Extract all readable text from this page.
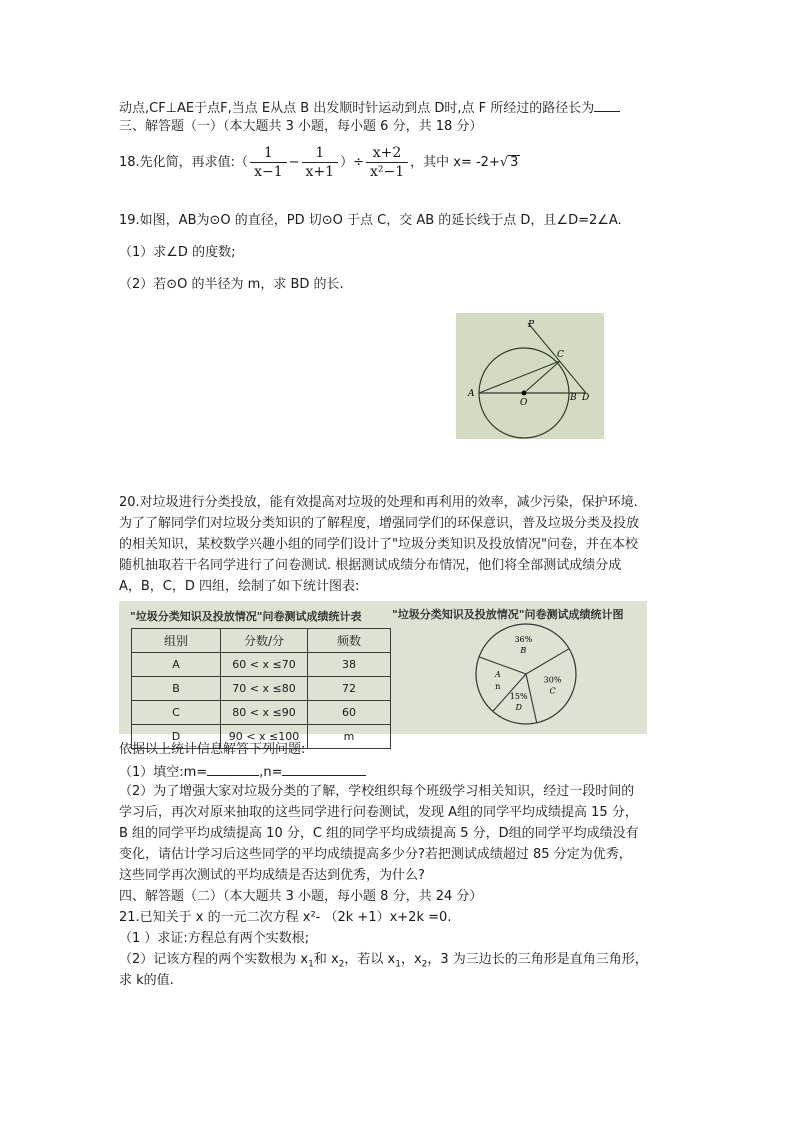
动点,CF⊥AE于点F,当点 E从点 B 出发顺时针运动到点 D时,点 F 所经过的路径长为
三、解答题（一）（本大题共 3 小题，每小题 6 分，共 18 分）
18.先化简，再求值:（ $\frac{1}{x-1} - \frac{1}{x+1}$ ）÷ $\frac{x+2}{\text{x²−1}}$ ，其中 x= -2+√ 3
19.如图，AB为⊙O 的直径，PD 切⊙O 于点 C，交 AB 的延长线于点 D，且∠D=2∠A.
（1）求∠D 的度数;
（2）若⊙O 的半径为 m，求 BD 的长.
P
C
A
O	B D
20.对垃圾进行分类投放，能有效提高对垃圾的处理和再利用的效率，减少污染，保护环境.
为了了解同学们对垃圾分类知识的了解程度，增强同学们的环保意识，普及垃圾分类及投放
的相关知识，某校数学兴趣小组的同学们设计了"垃圾分类知识及投放情况"问卷，并在本校
随机抽取若干名同学进行了问卷测试. 根据测试成绩分布情况，他们将全部测试成绩分成
A，B，C，D 四组，绘制了如下统计图表:
"垃圾分类知识及投放情况"问卷测试成绩统计表
组别	分数/分	频数
A	60 < x ≤70	38
B	70 < x ≤80	72
C	80 < x ≤90	60
D	90 < x ≤100	m
"垃圾分类知识及投放情况"问卷测试成绩统计图
36%
B
30%
C
15%
D
n
A
依据以上统计信息解答下列问题:
（1）填空:m=	,n=
（2）为了增强大家对垃圾分类的了解，学校组织每个班级学习相关知识，经过一段时间的
学习后，再次对原来抽取的这些同学进行问卷测试，发现 A组的同学平均成绩提高 15 分，
B 组的同学平均成绩提高 10 分，C 组的同学平均成绩提高 5 分，D组的同学平均成绩没有
变化，请估计学习后这些同学的平均成绩提高多少分?若把测试成绩超过 85 分定为优秀，
这些同学再次测试的平均成绩是否达到优秀，为什么?
四、解答题（二）（本大题共 3 小题，每小题 8 分，共 24 分）
21.已知关于 x 的一元二次方程 x²- （2k +1）x+2k =0.
（1 ）求证:方程总有两个实数根;
（2）记该方程的两个实数根为 $x_1$和 $x_2$，若以 $x_1$，$x_2$，3 为三边长的三角形是直角三角形，
求 k的值.
